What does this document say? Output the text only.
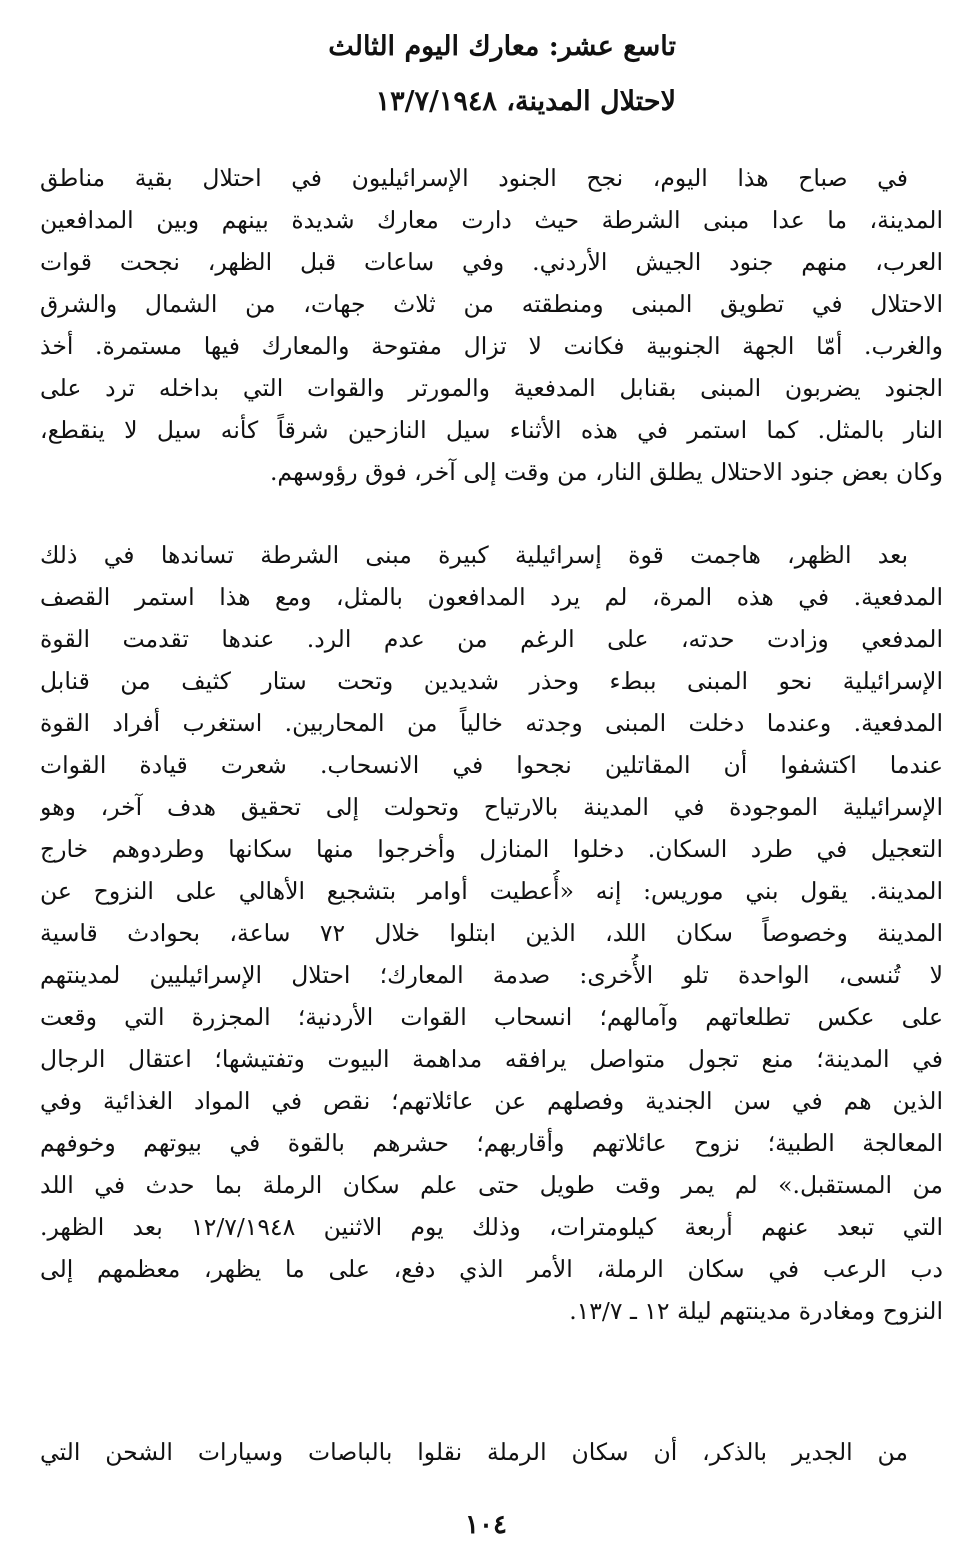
تاسع عشر: معارك اليوم الثالث
لاحتلال المدينة، ١٣/٧/١٩٤٨
في صباح هذا اليوم، نجح الجنود الإسرائيليون في احتلال بقية مناطق
المدينة، ما عدا مبنى الشرطة حيث دارت معارك شديدة بينهم وبين المدافعين
العرب، منهم جنود الجيش الأردني. وفي ساعات قبل الظهر، نجحت قوات
الاحتلال في تطويق المبنى ومنطقته من ثلاث جهات، من الشمال والشرق
والغرب. أمّا الجهة الجنوبية فكانت لا تزال مفتوحة والمعارك فيها مستمرة. أخذ
الجنود يضربون المبنى بقنابل المدفعية والمورتر والقوات التي بداخله ترد على
النار بالمثل. كما استمر في هذه الأثناء سيل النازحين شرقاً كأنه سيل لا ينقطع،
وكان بعض جنود الاحتلال يطلق النار، من وقت إلى آخر، فوق رؤوسهم.
بعد الظهر، هاجمت قوة إسرائيلية كبيرة مبنى الشرطة تساندها في ذلك
المدفعية. في هذه المرة، لم يرد المدافعون بالمثل، ومع هذا استمر القصف
المدفعي وزادت حدته، على الرغم من عدم الرد. عندها تقدمت القوة
الإسرائيلية نحو المبنى ببطء وحذر شديدين وتحت ستار كثيف من قنابل
المدفعية. وعندما دخلت المبنى وجدته خالياً من المحاربين. استغرب أفراد القوة
عندما اكتشفوا أن المقاتلين نجحوا في الانسحاب. شعرت قيادة القوات
الإسرائيلية الموجودة في المدينة بالارتياح وتحولت إلى تحقيق هدف آخر، وهو
التعجيل في طرد السكان. دخلوا المنازل وأخرجوا منها سكانها وطردوهم خارج
المدينة. يقول بني موريس: إنه «أُعطيت أوامر بتشجيع الأهالي على النزوح عن
المدينة وخصوصاً سكان اللد، الذين ابتلوا خلال ٧٢ ساعة، بحوادث قاسية
لا تُنسى، الواحدة تلو الأُخرى: صدمة المعارك؛ احتلال الإسرائيليين لمدينتهم
على عكس تطلعاتهم وآمالهم؛ انسحاب القوات الأردنية؛ المجزرة التي وقعت
في المدينة؛ منع تجول متواصل يرافقه مداهمة البيوت وتفتيشها؛ اعتقال الرجال
الذين هم في سن الجندية وفصلهم عن عائلاتهم؛ نقص في المواد الغذائية وفي
المعالجة الطبية؛ نزوح عائلاتهم وأقاربهم؛ حشرهم بالقوة في بيوتهم وخوفهم
من المستقبل.» لم يمر وقت طويل حتى علم سكان الرملة بما حدث في اللد
التي تبعد عنهم أربعة كيلومترات، وذلك يوم الاثنين ١٢/٧/١٩٤٨ بعد الظهر.
دب الرعب في سكان الرملة، الأمر الذي دفع، على ما يظهر، معظمهم إلى
النزوح ومغادرة مدينتهم ليلة ١٢ ـ ١٣/٧.
من الجدير بالذكر، أن سكان الرملة نقلوا بالباصات وسيارات الشحن التي
١٠٤
